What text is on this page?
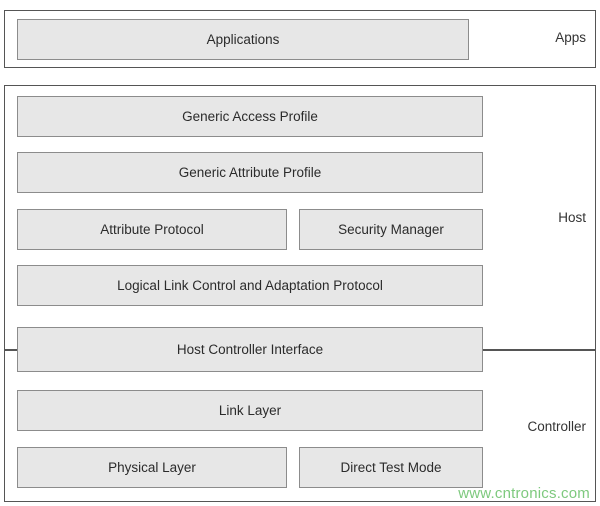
Apps
Applications
Host
Generic Access Profile
Generic Attribute Profile
Attribute Protocol	Security Manager
Logical Link Control and Adaptation Protocol
Controller
Host Controller Interface
Link Layer
Physical Layer	Direct Test Mode
www.cntronics.com
